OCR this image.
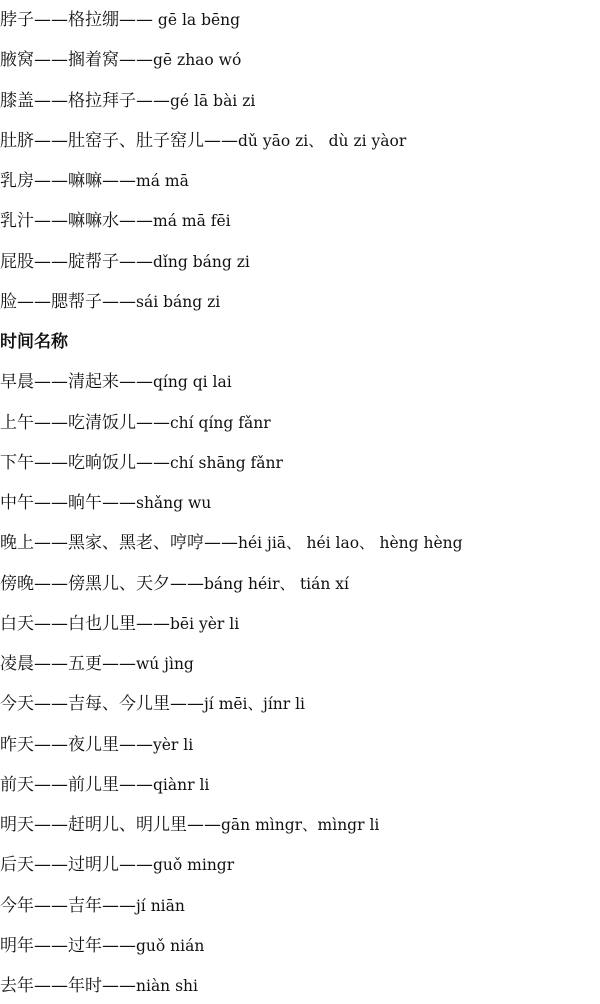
脖子——格拉绷—— gē la bēng
腋窝——搁着窝——gē zhao wó
膝盖——格拉拜子——gé lā bài zi
肚脐——肚窑子、肚子窑儿——dǔ yāo zi、 dù zi yàor
乳房——嘛嘛——má mā
乳汁——嘛嘛水——má mā fēi
屁股——腚帮子——dǐng báng zi
脸——腮帮子——sái báng zi
时间名称
早晨——清起来——qíng qi lai
上午——吃清饭儿——chí qíng fǎnr
下午——吃晌饭儿——chí shāng fǎnr
中午——晌午——shǎng wu
晚上——黑家、黑老、哼哼——héi jiā、 héi lao、 hèng hèng
傍晚——傍黑儿、天夕——báng héir、 tián xí
白天——白也儿里——bēi yèr li
凌晨——五更——wú jìng
今天——吉每、今儿里——jí mēi、jínr li
昨天——夜儿里——yèr li
前天——前儿里——qiànr li
明天——赶明儿、明儿里——gān mìngr、mìngr li
后天——过明儿——guǒ mingr
今年——吉年——jí niān
明年——过年——guǒ nián
去年——年时——niàn shi
